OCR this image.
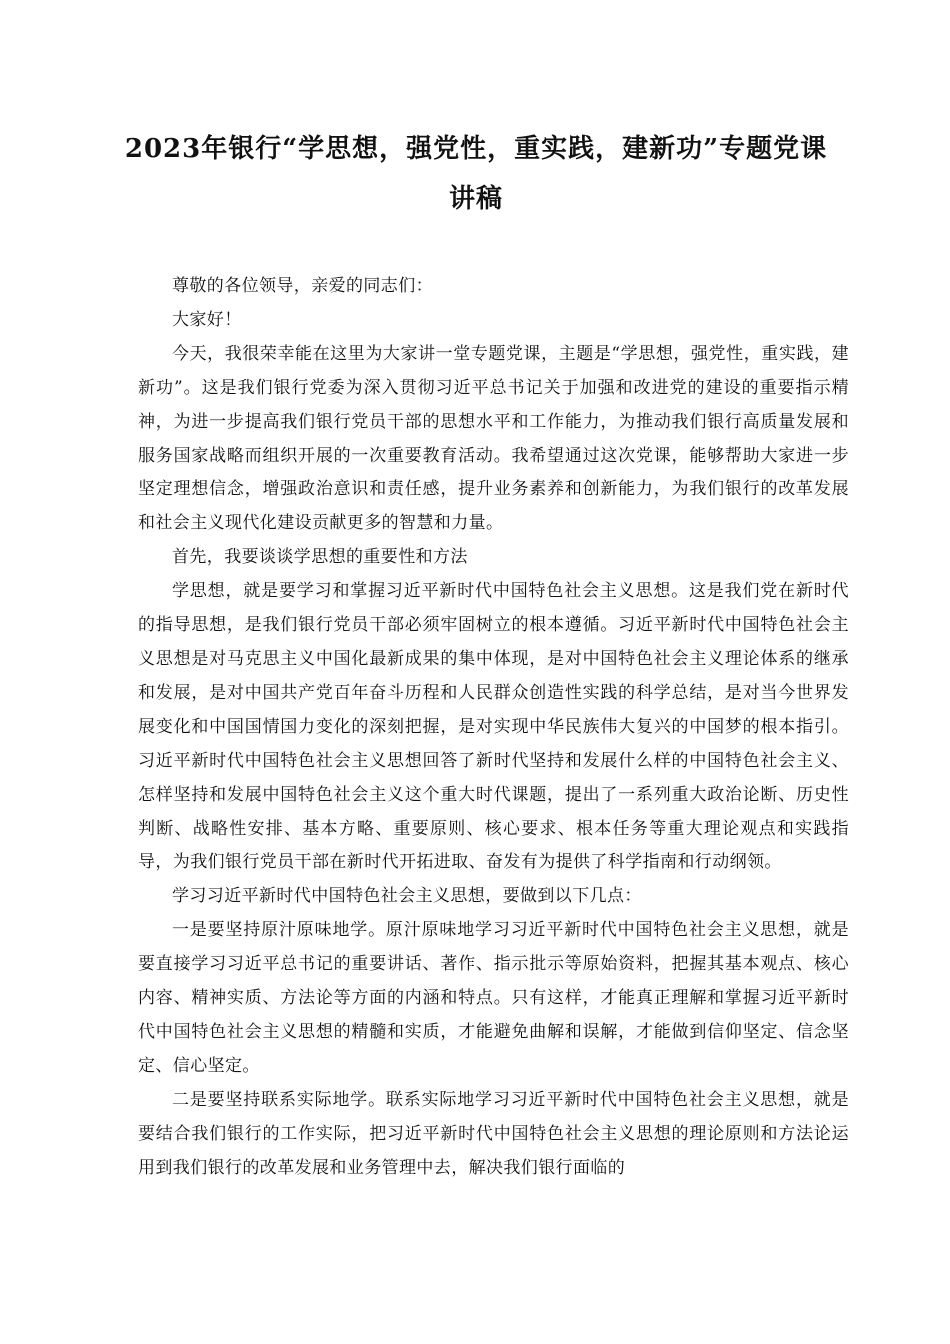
2023年银行“学思想，强党性，重实践，建新功”专题党课讲稿

尊敬的各位领导，亲爱的同志们：

大家好！

今天，我很荣幸能在这里为大家讲一堂专题党课，主题是“学思想，强党性，重实践，建新功”。这是我们银行党委为深入贯彻习近平总书记关于加强和改进党的建设的重要指示精神，为进一步提高我们银行党员干部的思想水平和工作能力，为推动我们银行高质量发展和服务国家战略而组织开展的一次重要教育活动。我希望通过这次党课，能够帮助大家进一步坚定理想信念，增强政治意识和责任感，提升业务素养和创新能力，为我们银行的改革发展和社会主义现代化建设贡献更多的智慧和力量。

首先，我要谈谈学思想的重要性和方法

学思想，就是要学习和掌握习近平新时代中国特色社会主义思想。这是我们党在新时代的指导思想，是我们银行党员干部必须牢固树立的根本遵循。习近平新时代中国特色社会主义思想是对马克思主义中国化最新成果的集中体现，是对中国特色社会主义理论体系的继承和发展，是对中国共产党百年奋斗历程和人民群众创造性实践的科学总结，是对当今世界发展变化和中国国情国力变化的深刻把握，是对实现中华民族伟大复兴的中国梦的根本指引。习近平新时代中国特色社会主义思想回答了新时代坚持和发展什么样的中国特色社会主义、怎样坚持和发展中国特色社会主义这个重大时代课题，提出了一系列重大政治论断、历史性判断、战略性安排、基本方略、重要原则、核心要求、根本任务等重大理论观点和实践指导，为我们银行党员干部在新时代开拓进取、奋发有为提供了科学指南和行动纲领。

学习习近平新时代中国特色社会主义思想，要做到以下几点：

一是要坚持原汁原味地学。原汁原味地学习习近平新时代中国特色社会主义思想，就是要直接学习习近平总书记的重要讲话、著作、指示批示等原始资料，把握其基本观点、核心内容、精神实质、方法论等方面的内涵和特点。只有这样，才能真正理解和掌握习近平新时代中国特色社会主义思想的精髓和实质，才能避免曲解和误解，才能做到信仰坚定、信念坚定、信心坚定。

二是要坚持联系实际地学。联系实际地学习习近平新时代中国特色社会主义思想，就是要结合我们银行的工作实际，把习近平新时代中国特色社会主义思想的理论原则和方法论运用到我们银行的改革发展和业务管理中去，解决我们银行面临的
